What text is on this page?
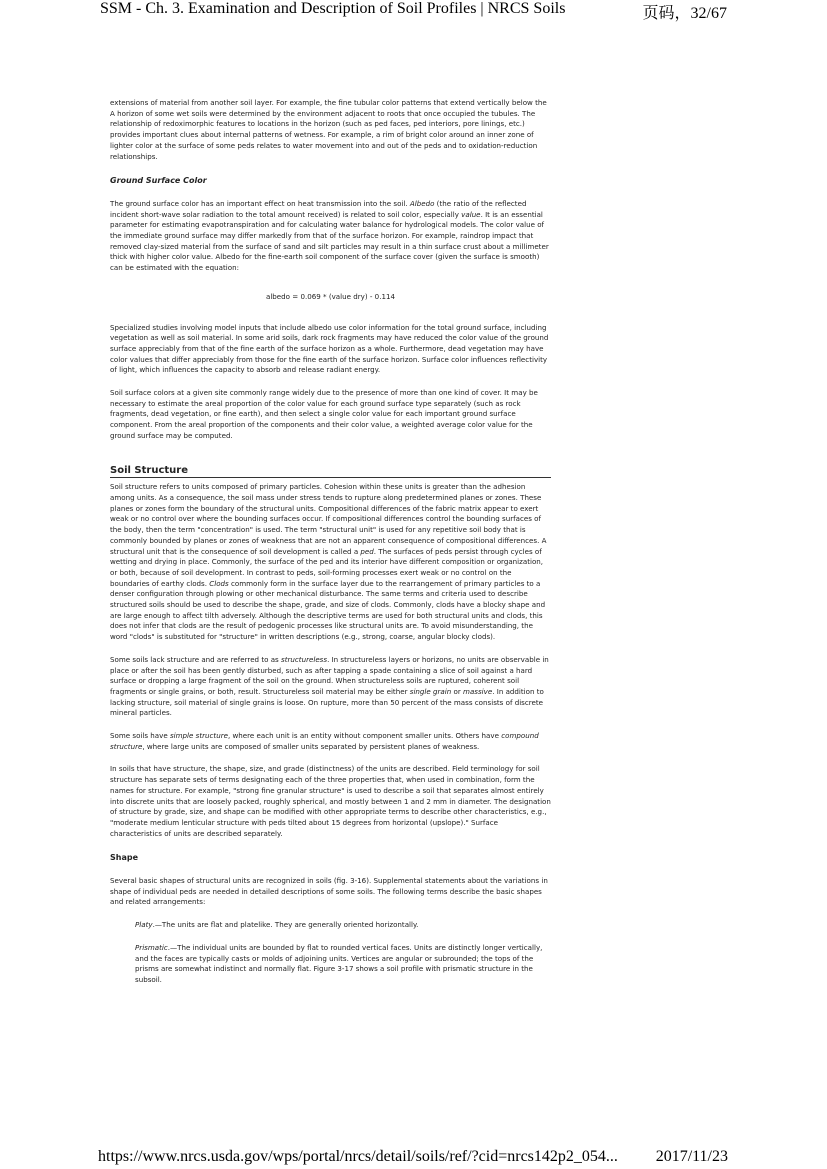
SSM - Ch. 3. Examination and Description of Soil Profiles | NRCS Soils	页码，32/67

extensions of material from another soil layer. For example, the fine tubular color patterns that extend vertically below the A horizon of some wet soils were determined by the environment adjacent to roots that once occupied the tubules. The relationship of redoximorphic features to locations in the horizon (such as ped faces, ped interiors, pore linings, etc.) provides important clues about internal patterns of wetness. For example, a rim of bright color around an inner zone of lighter color at the surface of some peds relates to water movement into and out of the peds and to oxidation-reduction relationships.

Ground Surface Color

The ground surface color has an important effect on heat transmission into the soil. Albedo (the ratio of the reflected incident short-wave solar radiation to the total amount received) is related to soil color, especially value. It is an essential parameter for estimating evapotranspiration and for calculating water balance for hydrological models. The color value of the immediate ground surface may differ markedly from that of the surface horizon. For example, raindrop impact that removed clay-sized material from the surface of sand and silt particles may result in a thin surface crust about a millimeter thick with higher color value. Albedo for the fine-earth soil component of the surface cover (given the surface is smooth) can be estimated with the equation:

albedo = 0.069 * (value dry) - 0.114

Specialized studies involving model inputs that include albedo use color information for the total ground surface, including vegetation as well as soil material. In some arid soils, dark rock fragments may have reduced the color value of the ground surface appreciably from that of the fine earth of the surface horizon as a whole. Furthermore, dead vegetation may have color values that differ appreciably from those for the fine earth of the surface horizon. Surface color influences reflectivity of light, which influences the capacity to absorb and release radiant energy.

Soil surface colors at a given site commonly range widely due to the presence of more than one kind of cover. It may be necessary to estimate the areal proportion of the color value for each ground surface type separately (such as rock fragments, dead vegetation, or fine earth), and then select a single color value for each important ground surface component. From the areal proportion of the components and their color value, a weighted average color value for the ground surface may be computed.

Soil Structure

Soil structure refers to units composed of primary particles. Cohesion within these units is greater than the adhesion among units. As a consequence, the soil mass under stress tends to rupture along predetermined planes or zones. These planes or zones form the boundary of the structural units. Compositional differences of the fabric matrix appear to exert weak or no control over where the bounding surfaces occur. If compositional differences control the bounding surfaces of the body, then the term "concentration" is used. The term "structural unit" is used for any repetitive soil body that is commonly bounded by planes or zones of weakness that are not an apparent consequence of compositional differences. A structural unit that is the consequence of soil development is called a ped. The surfaces of peds persist through cycles of wetting and drying in place. Commonly, the surface of the ped and its interior have different composition or organization, or both, because of soil development. In contrast to peds, soil-forming processes exert weak or no control on the boundaries of earthy clods. Clods commonly form in the surface layer due to the rearrangement of primary particles to a denser configuration through plowing or other mechanical disturbance. The same terms and criteria used to describe structured soils should be used to describe the shape, grade, and size of clods. Commonly, clods have a blocky shape and are large enough to affect tilth adversely. Although the descriptive terms are used for both structural units and clods, this does not infer that clods are the result of pedogenic processes like structural units are. To avoid misunderstanding, the word "clods" is substituted for "structure" in written descriptions (e.g., strong, coarse, angular blocky clods).

Some soils lack structure and are referred to as structureless. In structureless layers or horizons, no units are observable in place or after the soil has been gently disturbed, such as after tapping a spade containing a slice of soil against a hard surface or dropping a large fragment of the soil on the ground. When structureless soils are ruptured, coherent soil fragments or single grains, or both, result. Structureless soil material may be either single grain or massive. In addition to lacking structure, soil material of single grains is loose. On rupture, more than 50 percent of the mass consists of discrete mineral particles.

Some soils have simple structure, where each unit is an entity without component smaller units. Others have compound structure, where large units are composed of smaller units separated by persistent planes of weakness.

In soils that have structure, the shape, size, and grade (distinctness) of the units are described. Field terminology for soil structure has separate sets of terms designating each of the three properties that, when used in combination, form the names for structure. For example, "strong fine granular structure" is used to describe a soil that separates almost entirely into discrete units that are loosely packed, roughly spherical, and mostly between 1 and 2 mm in diameter. The designation of structure by grade, size, and shape can be modified with other appropriate terms to describe other characteristics, e.g., "moderate medium lenticular structure with peds tilted about 15 degrees from horizontal (upslope)." Surface characteristics of units are described separately.

Shape

Several basic shapes of structural units are recognized in soils (fig. 3-16). Supplemental statements about the variations in shape of individual peds are needed in detailed descriptions of some soils. The following terms describe the basic shapes and related arrangements:

Platy.—The units are flat and platelike. They are generally oriented horizontally.

Prismatic.—The individual units are bounded by flat to rounded vertical faces. Units are distinctly longer vertically, and the faces are typically casts or molds of adjoining units. Vertices are angular or subrounded; the tops of the prisms are somewhat indistinct and normally flat. Figure 3-17 shows a soil profile with prismatic structure in the subsoil.

https://www.nrcs.usda.gov/wps/portal/nrcs/detail/soils/ref/?cid=nrcs142p2_054... 2017/11/23
